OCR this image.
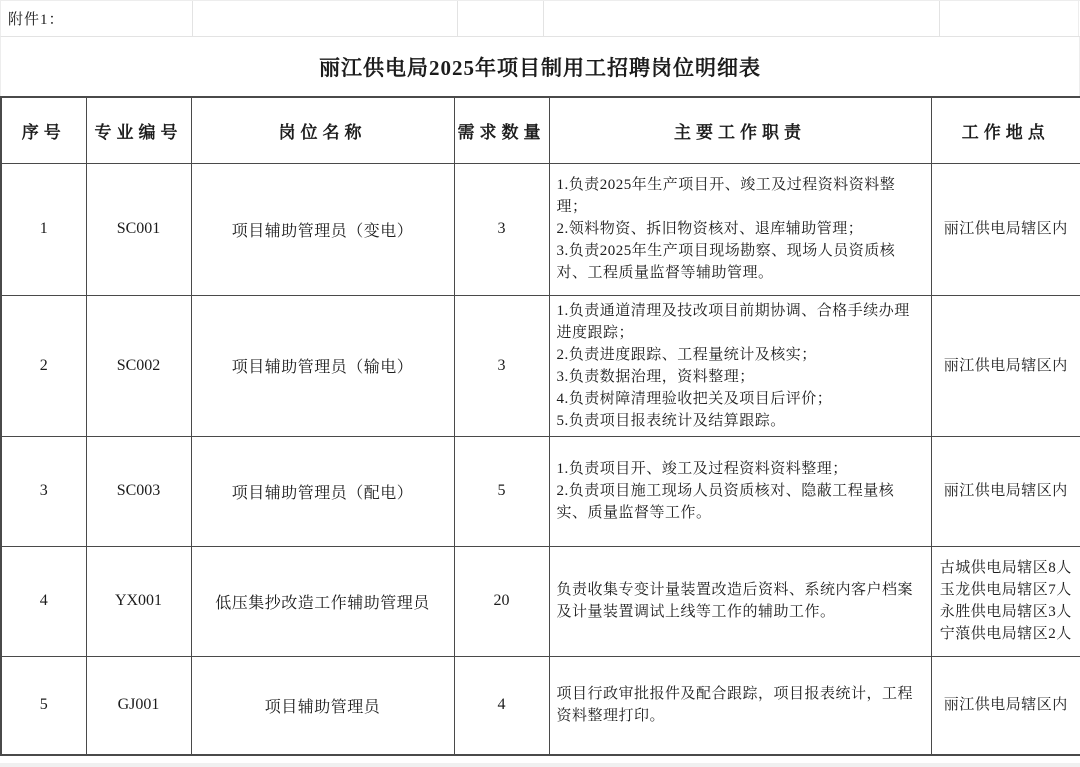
附件1：
丽江供电局2025年项目制用工招聘岗位明细表
序号	专业编号	岗位名称	需求数量	主要工作职责	工作地点
1	SC001	项目辅助管理员（变电）	3	1.负责2025年生产项目开、竣工及过程资料资料整理；
2.领料物资、拆旧物资核对、退库辅助管理；
3.负责2025年生产项目现场勘察、现场人员资质核对、工程质量监督等辅助管理。	丽江供电局辖区内

2	SC002	项目辅助管理员（输电）	3	1.负责通道清理及技改项目前期协调、合格手续办理进度跟踪；
2.负责进度跟踪、工程量统计及核实；
3.负责数据治理，资料整理；
4.负责树障清理验收把关及项目后评价；
5.负责项目报表统计及结算跟踪。	丽江供电局辖区内

3	SC003	项目辅助管理员（配电）	5	1.负责项目开、竣工及过程资料资料整理；
2.负责项目施工现场人员资质核对、隐蔽工程量核实、质量监督等工作。	丽江供电局辖区内

4	YX001	低压集抄改造工作辅助管理员	20	负责收集专变计量装置改造后资料、系统内客户档案及计量装置调试上线等工作的辅助工作。	古城供电局辖区8人
玉龙供电局辖区7人
永胜供电局辖区3人
宁蒗供电局辖区2人

5	GJ001	项目辅助管理员	4	项目行政审批报件及配合跟踪，项目报表统计，工程资料整理打印。	丽江供电局辖区内
